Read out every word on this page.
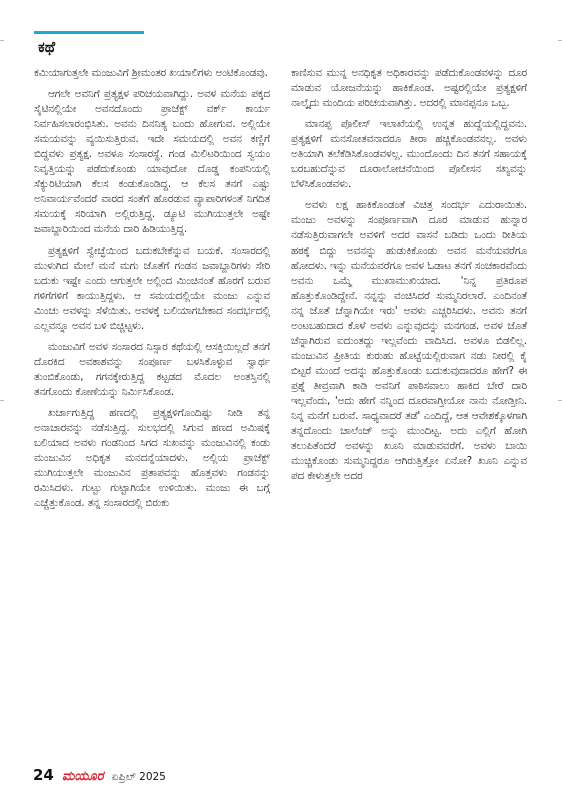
ಕಥೆ

ಕಮಿಯಾಗುತ್ತಲೇ ಮಂಜುವಿಗೆ ಶ್ರೀಮಂತರ ಖಯಾಲಿಗಳು ಅಂಟಿಕೊಂಡವು.

ಆಗಲೇ ಅವನಿಗೆ ಪ್ರತ್ಯಕ್ಷಳ ಪರಿಚಯವಾಗಿದ್ದು. ಅವಳ ಮನೆಯ ಪಕ್ಕದ ಸೈಟಿನಲ್ಲಿಯೇ ಅವನದೊಂದು ಪ್ರಾಜೆಕ್ಟ್ ವರ್ಕ್ ಕಾರ್ಯ ನಿರ್ವಹಿಸಲಾರಂಭಿಸಿತು. ಅವನು ದಿನನಿತ್ಯ ಬಂದು ಹೋಗುವ. ಅಲ್ಲಿಯೇ ಸಮಯವನ್ನು ವ್ಯಯಿಸುತ್ತಿರುವ. ಇದೇ ಸಮಯದಲ್ಲಿ ಅವನ ಕಣ್ಣಿಗೆ ಬಿದ್ದವಳು ಪ್ರತ್ಯಕ್ಷ. ಅವಳೂ ಸಂಸಾರಸ್ಥೆ. ಗಂಡ ಮಿಲಿಟರಿಯಿಂದ ಸ್ವಯಂ ನಿವೃತ್ತಿಯನ್ನು ಪಡೆದುಕೊಂಡು ಯಾವುದೋ ದೊಡ್ಡ ಕಂಪನಿಯಲ್ಲಿ ಸೆಕ್ಯುರಿಟಿಯಾಗಿ ಕೆಲಸ ಕಂಡುಕೊಂಡಿದ್ದ. ಆ ಕೆಲಸ ತನಗೆ ಎಷ್ಟು ಅನಿವಾರ್ಯವೆಂದರೆ ವಾರದ ಸಂತೆಗೆ ಹೊರಡುವ ವ್ಯಾಪಾರಿಗಳಂತೆ ನಿಗದಿತ ಸಮಯಕ್ಕೆ ಸರಿಯಾಗಿ ಅಲ್ಲಿರುತ್ತಿದ್ದ. ಡ್ಯೂಟಿ ಮುಗಿಯುತ್ತಲೇ ಅಷ್ಟೇ ಜವಾಬ್ದಾರಿಯಿಂದ ಮನೆಯ ದಾರಿ ಹಿಡಿಯುತ್ತಿದ್ದ.

ಪ್ರತ್ಯಕ್ಷಳಿಗೆ ಸ್ವೇಚ್ಛೆಯಿಂದ ಬದುಕಬೇಕೆನ್ನುವ ಬಯಕೆ. ಸಂಸಾರದಲ್ಲಿ ಮುಳುಗಿದ ಮೇಲೆ ಮನೆ ಮಗು ಜೊತೆಗೆ ಗಂಡನ ಜವಾಬ್ದಾರಿಗಳು ಸೇರಿ ಬದುಕು ಇಷ್ಟೇ ಎಂದು ಆಗುತ್ತಲೇ ಅಲ್ಲಿಂದ ಮಿಂಚಿನಂತೆ ಹೊರಗೆ ಬರುವ ಗಳಿಗೆಗಳಿಗೆ ಕಾಯುತ್ತಿದ್ದಳು. ಆ ಸಮಯದಲ್ಲಿಯೇ ಮಂಜು ಎನ್ನುವ ಮಿಂಚು ಅವಳನ್ನು ಸೆಳೆಯಿತು. ಅವಳಕ್ಕೆ ಬಲಿಯಾಗಬೇಕಾದ ಸಂದರ್ಭದಲ್ಲಿ ಎಲ್ಲವನ್ನೂ ಅವನ ಬಳಿ ಬಿಚ್ಚಿಟ್ಟಳು.

ಮಂಜುವಿಗೆ ಅವಳ ಸಂಸಾರದ ನಿಸ್ಸಾರ ಕಥೆಯಲ್ಲಿ ಆಸಕ್ತಿಯಿಲ್ಲದೆ ತನಗೆ ದೊರಕಿದ ಅವಕಾಶವನ್ನು ಸಂಪೂರ್ಣ ಬಳಸಿಕೊಳ್ಳುವ ಸ್ವಾರ್ಥ ತುಂಬಿಕೊಂಡು, ಗಗನಕ್ಕೇರುತ್ತಿದ್ದ ಕಟ್ಟಡದ ಮೊದಲ ಅಂತಸ್ತಿನಲ್ಲಿ ತನಗೊಂದು ಕೋಣೆಯನ್ನು ನಿರ್ಮಿಸಿಕೊಂಡ.

ಖರ್ಚಾಗುತ್ತಿದ್ದ ಹಣದಲ್ಲಿ ಪ್ರತ್ಯಕ್ಷಳಿಗೊಂದಿಷ್ಟು ನೀಡಿ ತನ್ನ ಅನಾಚಾರವನ್ನು ನಡೆಸುತ್ತಿದ್ದ. ಸುಲಭದಲ್ಲಿ ಸಿಗುವ ಹಣದ ಅಮಿಷಕ್ಕೆ ಬಲಿಯಾದ ಅವಳು ಗಂಡನಿಂದ ಸಿಗದ ಸುಖವನ್ನು ಮಂಜುವಿನಲ್ಲಿ ಕಂಡು ಮಂಜುವಿನ ಅಧಿಕೃತ ಮನದನ್ನೆಯಾದಳು. ಅಲ್ಲಿಯ ಪ್ರಾಜೆಕ್ಟ್ ಮುಗಿಯುತ್ತಲೇ ಮಂಜುವಿನ ಪ್ರತಾಪವನ್ನು ಹೊತ್ತವಳು ಗಂಡನನ್ನು ರಮಿಸಿದಳು. ಗುಟ್ಟು ಗುಟ್ಟಾಗಿಯೇ ಉಳಿಯಿತು. ಮಂಜು ಈ ಬಗ್ಗೆ ಎಚ್ಚೆತ್ತುಕೊಂಡ. ತನ್ನ ಸಂಸಾರದಲ್ಲಿ ಬಿರುಕು

ಕಾಣಿಸುವ ಮುನ್ನ ಅನಧಿಕೃತ ಅಧಿಕಾರವನ್ನು ಪಡೆದುಕೊಂಡವಳನ್ನು ದೂರ ಮಾಡುವ ಯೋಜನೆಯನ್ನು ಹಾಕಿಕೊಂಡ. ಅಷ್ಟರಲ್ಲಿಯೇ ಪ್ರತ್ಯಕ್ಷಳಿಗೆ ನಾಲ್ಕೈದು ಮಂದಿಯ ಪರಿಚಯವಾಗಿತ್ತು. ಅದರಲ್ಲಿ ಮಾನಪ್ಪನೂ ಒಬ್ಬ.

ಮಾನಪ್ಪ ಪೊಲೀಸ್ ಇಲಾಖೆಯಲ್ಲಿ ಉನ್ನತ ಹುದ್ದೆಯಲ್ಲಿದ್ದವನು. ಪ್ರತ್ಯಕ್ಷಳಿಗೆ ಮನಸೋತವನಾದರೂ ತೀರಾ ಹಚ್ಚಿಕೊಂಡವನಲ್ಲ. ಅವಳು ಅತಿಯಾಗಿ ತಲೆಕೆಡಿಸಿಕೊಂಡವಳಲ್ಲ. ಮುಂದೊಂದು ದಿನ ತನಗೆ ಸಹಾಯಕ್ಕೆ ಬರಬಹುದೆನ್ನುವ ದೂರಾಲೋಚನೆಯಿಂದ ಪೊಲೀಸನ ಸಖ್ಯವನ್ನು ಬೆಳೆಸಿಕೊಂಡವಳು.

ಅವಳು ಲಕ್ಷ ಹಾಕಿಕೊಂಡಂತೆ ವಿಚಿತ್ರ ಸಂದರ್ಭ ಎದುರಾಯಿತು. ಮಂಜು ಅವಳನ್ನು ಸಂಪೂರ್ಣವಾಗಿ ದೂರ ಮಾಡುವ ಹುನ್ನಾರ ನಡೆಸುತ್ತಿರುವಾಗಲೇ ಅವಳಿಗೆ ಅದರ ವಾಸನೆ ಬಡಿದು ಒಂದು ರೀತಿಯ ಹಠಕ್ಕೆ ಬಿದ್ದು ಅವನನ್ನು ಹುಡುಕಿಕೊಂಡು ಅವನ ಮನೆಯವರೆಗೂ ಹೋದಳು. ಇನ್ನು ಮನೆಯವರೆಗೂ ಅವಳ ಓಡಾಟ ತನಗೆ ಸಂಚಕಾರವೆಂದು ಅವನು ಒಮ್ಮೆ ಮುಖಾಮುಖಿಯಾದ. 'ನಿನ್ನ ಪ್ರತಿರೂಪ ಹೊತ್ತುಕೊಂಡಿದ್ದೇನೆ. ನನ್ನನ್ನು ವಂಚಿಸಿದರೆ ಸುಮ್ಮನಿರಲಾರೆ. ಎಂದಿನಂತೆ ನನ್ನ ಜೊತೆ ಚೆನ್ನಾಗಿಯೇ ಇರು' ಅವಳು ಎಚ್ಚರಿಸಿದಳು. ಅವನು ತನಗೆ ಅಂಟಬಹುದಾದ ಕೊಳೆ ಅವಳು ಎನ್ನುವುದನ್ನು ಮನಗಂಡ. ಅವಳ ಜೊತೆ ಚೆನ್ನಾಗಿರುವ ಐದುಂತದ್ದು ಇಲ್ಲವೆಂದು ವಾದಿಸಿದ. ಅವಳೂ ಬಿಡಲಿಲ್ಲ. ಮಂಜುವಿನ ಪ್ರೀತಿಯ ಕುರುಹು ಹೊಟ್ಟೆಯಲ್ಲಿರುವಾಗ ನಡು ನೀರಲ್ಲಿ ಕೈ ಬಿಟ್ಟರೆ ಮುಂದೆ ಅದನ್ನು ಹೊತ್ತುಕೊಂಡು ಬದುಕುವುದಾದರೂ ಹೇಗೆ? ಈ ಪ್ರಶ್ನೆ ತೀವ್ರವಾಗಿ ಕಾಡಿ ಅವನಿಗೆ ಪಾಠಿಸವಾಲು ಹಾಕಿದ ಬೇರೆ ದಾರಿ ಇಲ್ಲವೆಂದು, 'ಅದು ಹೇಗೆ ನನ್ನಿಂದ ದೂರವಾಗ್ತೀಯೋ ನಾನು ನೋಡ್ತೀನಿ. ನಿನ್ನ ಮನೆಗೆ ಬರುವೆ. ಸಾಧ್ಯವಾದರೆ ತಡೆ' ಎಂದಿದ್ದೆ, ಆತ ಆವೇಶಕ್ಕೊಳಗಾಗಿ ತನ್ನದೊಂದು ಚಾಲೆಂಜ್ ಅನ್ನು ಮುಂದಿಟ್ಟ. ಅದು ಎಲ್ಲಿಗೆ ಹೋಗಿ ತಲುಪಿತೆಂದರೆ ಅವಳನ್ನು ಖೂನಿ ಮಾಡುವವರೆಗೆ. ಅವಳು ಬಾಯಿ ಮುಚ್ಚಿಕೊಂಡು ಸುಮ್ಮನಿದ್ದರೂ ಆಗಿರುತ್ತಿತ್ತೋ ಏನೋ? ಖೂನಿ ಎನ್ನುವ ಪದ ಕೇಳುತ್ತಲೇ ಅದರ

24 ಮಯೂರ ಏಪ್ರಿಲ್ 2025
